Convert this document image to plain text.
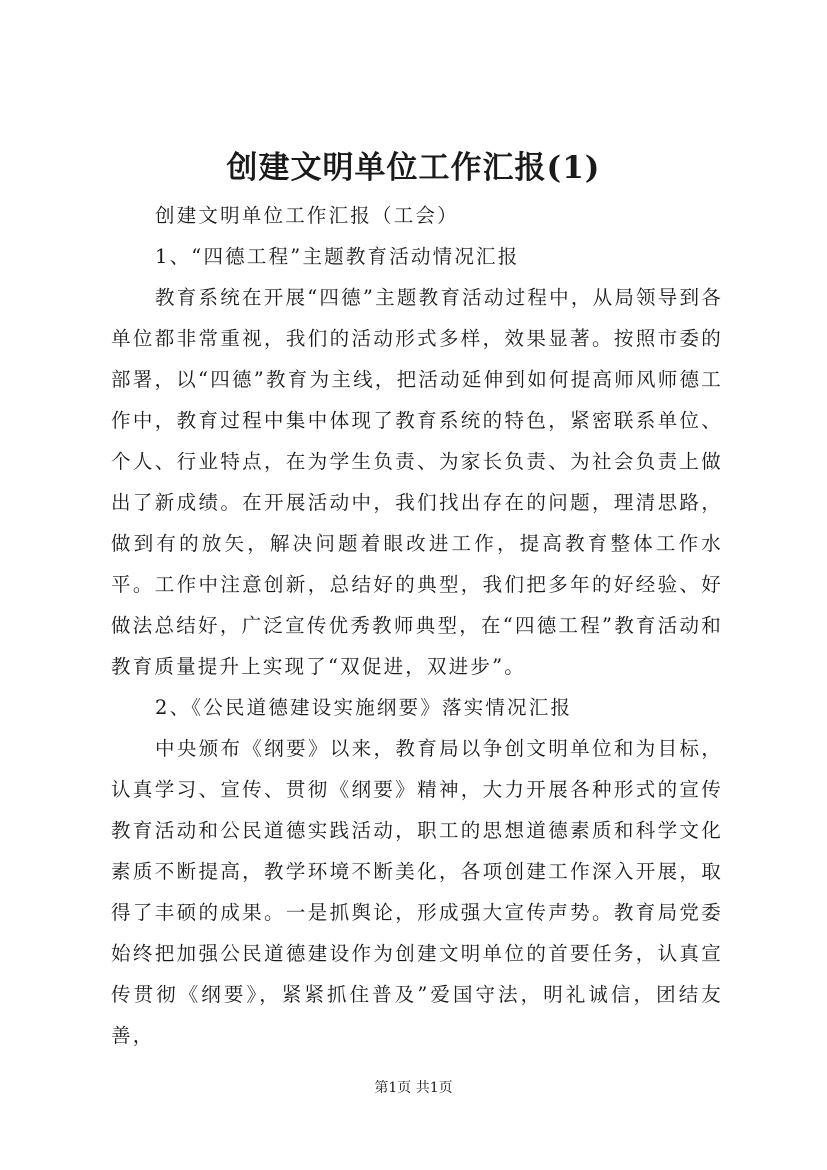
创建文明单位工作汇报(1)

创建文明单位工作汇报（工会）

1、“四德工程”主题教育活动情况汇报

教育系统在开展“四德”主题教育活动过程中，从局领导到各单位都非常重视，我们的活动形式多样，效果显著。按照市委的部署，以“四德”教育为主线，把活动延伸到如何提高师风师德工作中，教育过程中集中体现了教育系统的特色，紧密联系单位、个人、行业特点，在为学生负责、为家长负责、为社会负责上做出了新成绩。在开展活动中，我们找出存在的问题，理清思路，做到有的放矢，解决问题着眼改进工作，提高教育整体工作水平。工作中注意创新，总结好的典型，我们把多年的好经验、好做法总结好，广泛宣传优秀教师典型，在“四德工程”教育活动和教育质量提升上实现了“双促进，双进步”。

2、《公民道德建设实施纲要》落实情况汇报

中央颁布《纲要》以来，教育局以争创文明单位和为目标，认真学习、宣传、贯彻《纲要》精神，大力开展各种形式的宣传教育活动和公民道德实践活动，职工的思想道德素质和科学文化素质不断提高，教学环境不断美化，各项创建工作深入开展，取得了丰硕的成果。一是抓舆论，形成强大宣传声势。教育局党委始终把加强公民道德建设作为创建文明单位的首要任务，认真宣传贯彻《纲要》，紧紧抓住普及”爱国守法，明礼诚信，团结友善，

第1页 共1页
